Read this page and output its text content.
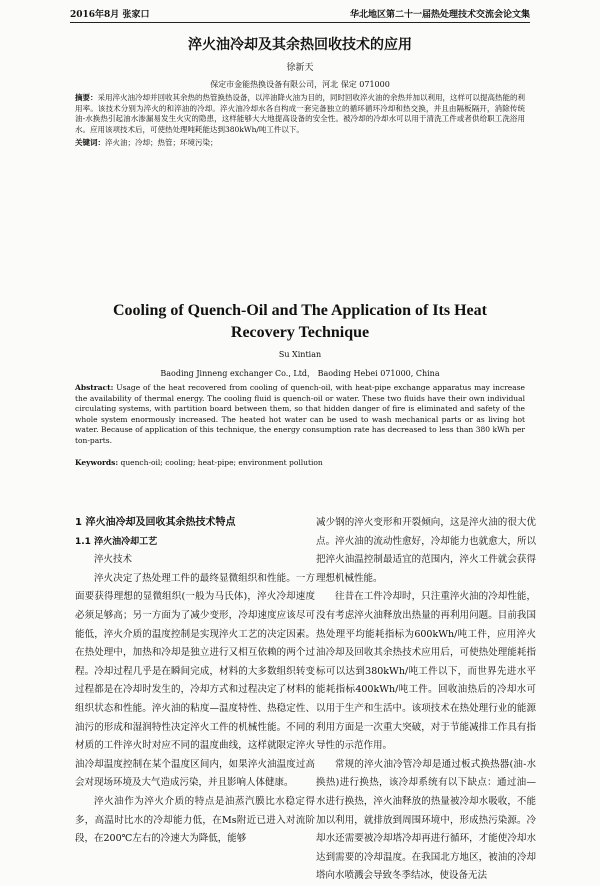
2016年8月 张家口	华北地区第二十一届热处理技术交流会论文集
淬火油冷却及其余热回收技术的应用
徐新天
保定市金能热换设备有限公司，河北 保定 071000
摘要：采用淬火油冷却并回收其余热的热管换热设备，以淬油降火油为目的，同时回收淬火油的余热并加以利用，这样可以提高热能的利用率。该技术分别为淬火的和淬油的冷却。淬火油冷却水各自构成一套完备独立的循环循环冷却和热交换，并且由隔板隔开，消除传统油-水换热引起油水渗漏易发生火灾的隐患，这样能够大大地提高设备的安全性。被冷却的冷却水可以用于清洗工件或者供给职工洗浴用水。应用该项技术后，可使热处理吨耗能达到380kWh/吨工件以下。
关键词：淬火油；冷却；热管；环境污染；
Cooling of Quench-Oil and The Application of Its Heat Recovery Technique
Su Xintian
Baoding Jinneng exchanger Co., Ltd， Baoding Hebei 071000, China
Abstract: Usage of the heat recovered from cooling of quench-oil, with heat-pipe exchange apparatus may increase the availability of thermal energy. The cooling fluid is quench-oil or water. These two fluids have their own individual circulating systems, with partition board between them, so that hidden danger of fire is eliminated and safety of the whole system enormously increased. The heated hot water can be used to wash mechanical parts or as living hot water. Because of application of this technique, the energy consumption rate has decreased to less than 380 kWh per ton-parts.
Keywords: quench-oil; cooling; heat-pipe; environment pollution

1 淬火油冷却及回收其余热技术特点

1.1 淬火油冷却工艺

淬火技术

淬火决定了热处理工件的最终显微组织和性能。一方面要获得理想的显微组织(一般为马氏体)，淬火冷却速度必须足够高；另一方面为了减少变形，冷却速度应该尽可能低，淬火介质的温度控制是实现淬火工艺的决定因素。在热处理中，加热和冷却是独立进行又相互依赖的两个过程。冷却过程几乎是在瞬间完成，材料的大多数组织转变过程都是在冷却时发生的，冷却方式和过程决定了材料的组织状态和性能。淬火油的粘度—温度特性、热稳定性、油污的形成和湿润特性决定淬火工件的机械性能。不同的材质的工件淬火时对应不同的温度曲线，这样就限定淬火油冷却温度控制在某个温度区间内，如果淬火油温度过高会对现场环境及大气造成污染，并且影响人体健康。

淬火油作为淬火介质的特点是油蒸汽膜比水稳定得多，高温时比水的冷却能力低，在Ms附近已进入对流阶段，在200℃左右的冷速大为降低，能够

减少钢的淬火变形和开裂倾向，这是淬火油的很大优点。淬火油的流动性愈好，冷却能力也就愈大，所以把淬火油温控制最适宜的范围内，淬火工件就会获得理想机械性能。

往昔在工件冷却时，只注重淬火油的冷却性能，没有考虑淬火油释放出热量的再利用问题。目前我国热处理平均能耗指标为600kWh/吨工件，应用淬火油冷却及回收其余热技术应用后，可使热处理能耗指标可以达到380kWh/吨工件以下，而世界先进水平能耗指标400kWh/吨工件。回收油热后的冷却水可以用于生产和生活中。该项技术在热处理行业的能源利用方面是一次重大突破，对于节能减排工作具有指导性的示范作用。

常规的淬火油冷管冷却是通过板式换热器(油-水换热)进行换热，该冷却系统有以下缺点：通过油—水进行换热，淬火油释放的热量被冷却水吸收，不能加以利用，就排放到周围环境中，形成热污染源。冷却水还需要被冷却塔冷却再进行循环，才能使冷却水达到需要的冷却温度。在我国北方地区，被油的冷却塔向水喷溅会导致冬季结冰，使设备无法
